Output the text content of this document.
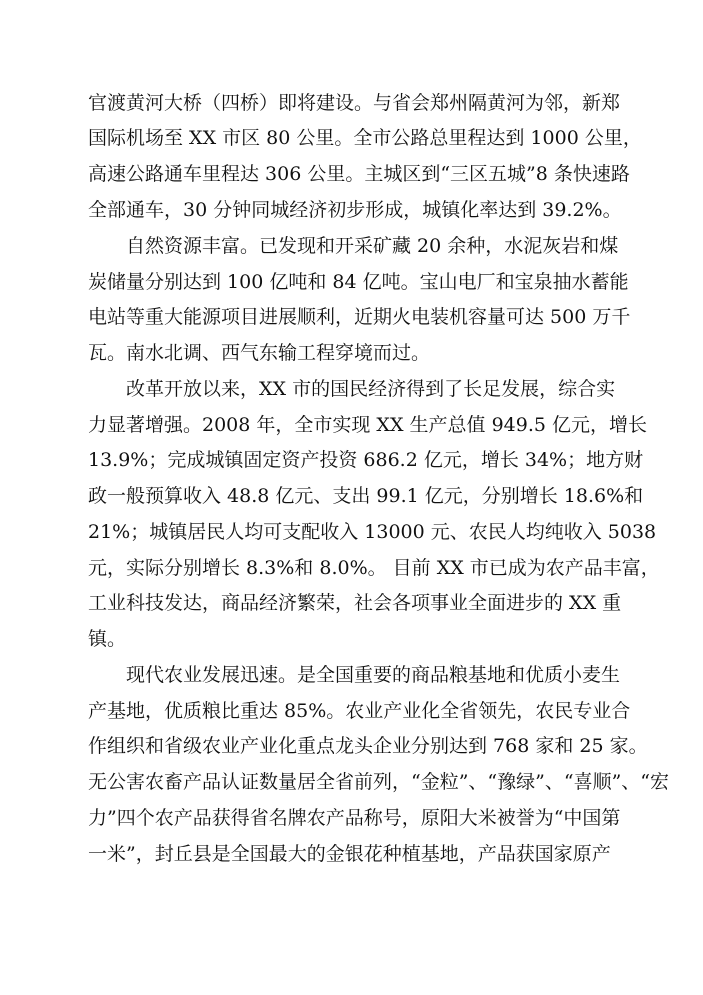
官渡黄河大桥（四桥）即将建设。与省会郑州隔黄河为邻，新郑
国际机场至 XX 市区 80 公里。全市公路总里程达到 1000 公里，
高速公路通车里程达 306 公里。主城区到“三区五城”8 条快速路
全部通车，30 分钟同城经济初步形成，城镇化率达到 39.2%。
自然资源丰富。已发现和开采矿藏 20 余种，水泥灰岩和煤
炭储量分别达到 100 亿吨和 84 亿吨。宝山电厂和宝泉抽水蓄能
电站等重大能源项目进展顺利，近期火电装机容量可达 500 万千
瓦。南水北调、西气东输工程穿境而过。
改革开放以来，XX 市的国民经济得到了长足发展，综合实
力显著增强。2008 年，全市实现 XX 生产总值 949.5 亿元，增长
13.9%；完成城镇固定资产投资 686.2 亿元，增长 34%；地方财
政一般预算收入 48.8 亿元、支出 99.1 亿元，分别增长 18.6%和
21%；城镇居民人均可支配收入 13000 元、农民人均纯收入 5038
元，实际分别增长 8.3%和 8.0%。 目前 XX 市已成为农产品丰富，
工业科技发达，商品经济繁荣，社会各项事业全面进步的 XX 重
镇。
现代农业发展迅速。是全国重要的商品粮基地和优质小麦生
产基地，优质粮比重达 85%。农业产业化全省领先，农民专业合
作组织和省级农业产业化重点龙头企业分别达到 768 家和 25 家。
无公害农畜产品认证数量居全省前列，“金粒”、“豫绿”、“喜顺”、“宏
力”四个农产品获得省名牌农产品称号，原阳大米被誉为“中国第
一米”，封丘县是全国最大的金银花种植基地，产品获国家原产
